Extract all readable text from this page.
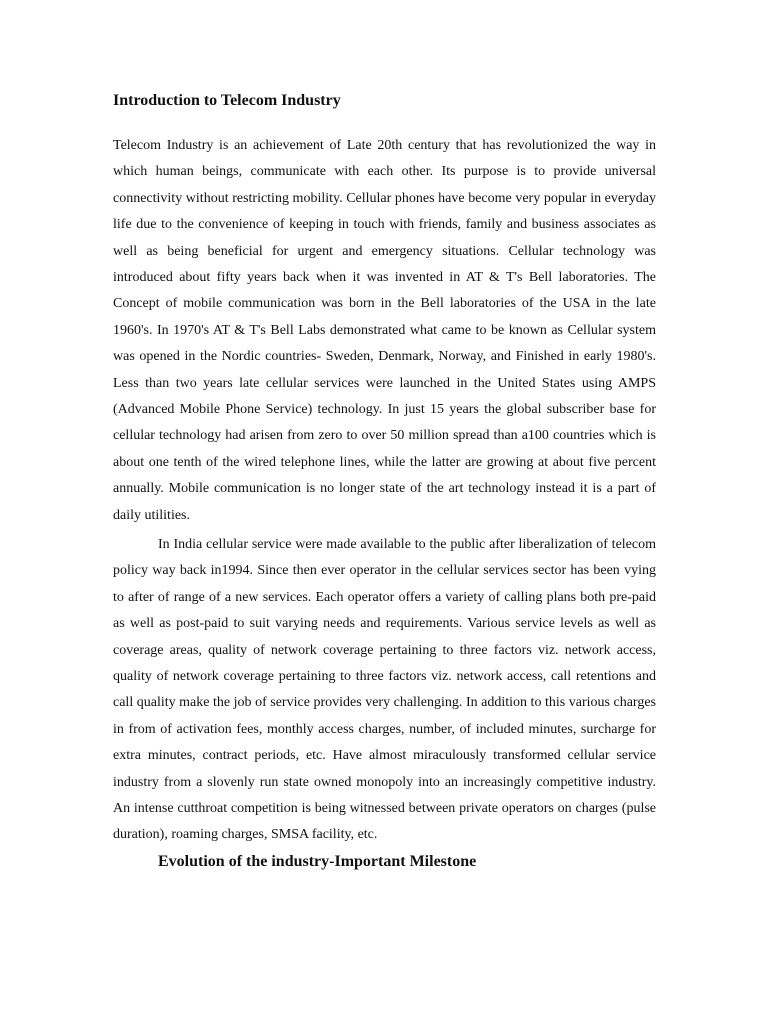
Introduction to Telecom Industry

Telecom Industry is an achievement of Late 20th century that has revolutionized the way in which human beings, communicate with each other. Its purpose is to provide universal connectivity without restricting mobility. Cellular phones have become very popular in everyday life due to the convenience of keeping in touch with friends, family and business associates as well as being beneficial for urgent and emergency situations. Cellular technology was introduced about fifty years back when it was invented in AT & T's Bell laboratories. The Concept of mobile communication was born in the Bell laboratories of the USA in the late 1960's. In 1970's AT & T's Bell Labs demonstrated what came to be known as Cellular system was opened in the Nordic countries- Sweden, Denmark, Norway, and Finished in early 1980's. Less than two years late cellular services were launched in the United States using AMPS (Advanced Mobile Phone Service) technology. In just 15 years the global subscriber base for cellular technology had arisen from zero to over 50 million spread than a100 countries which is about one tenth of the wired telephone lines, while the latter are growing at about five percent annually. Mobile communication is no longer state of the art technology instead it is a part of daily utilities.

In India cellular service were made available to the public after liberalization of telecom policy way back in1994. Since then ever operator in the cellular services sector has been vying to after of range of a new services. Each operator offers a variety of calling plans both pre-paid as well as post-paid to suit varying needs and requirements. Various service levels as well as coverage areas, quality of network coverage pertaining to three factors viz. network access, quality of network coverage pertaining to three factors viz. network access, call retentions and call quality make the job of service provides very challenging. In addition to this various charges in from of activation fees, monthly access charges, number, of included minutes, surcharge for extra minutes, contract periods, etc. Have almost miraculously transformed cellular service industry from a slovenly run state owned monopoly into an increasingly competitive industry. An intense cutthroat competition is being witnessed between private operators on charges (pulse duration), roaming charges, SMSA facility, etc.

Evolution of the industry-Important Milestone
